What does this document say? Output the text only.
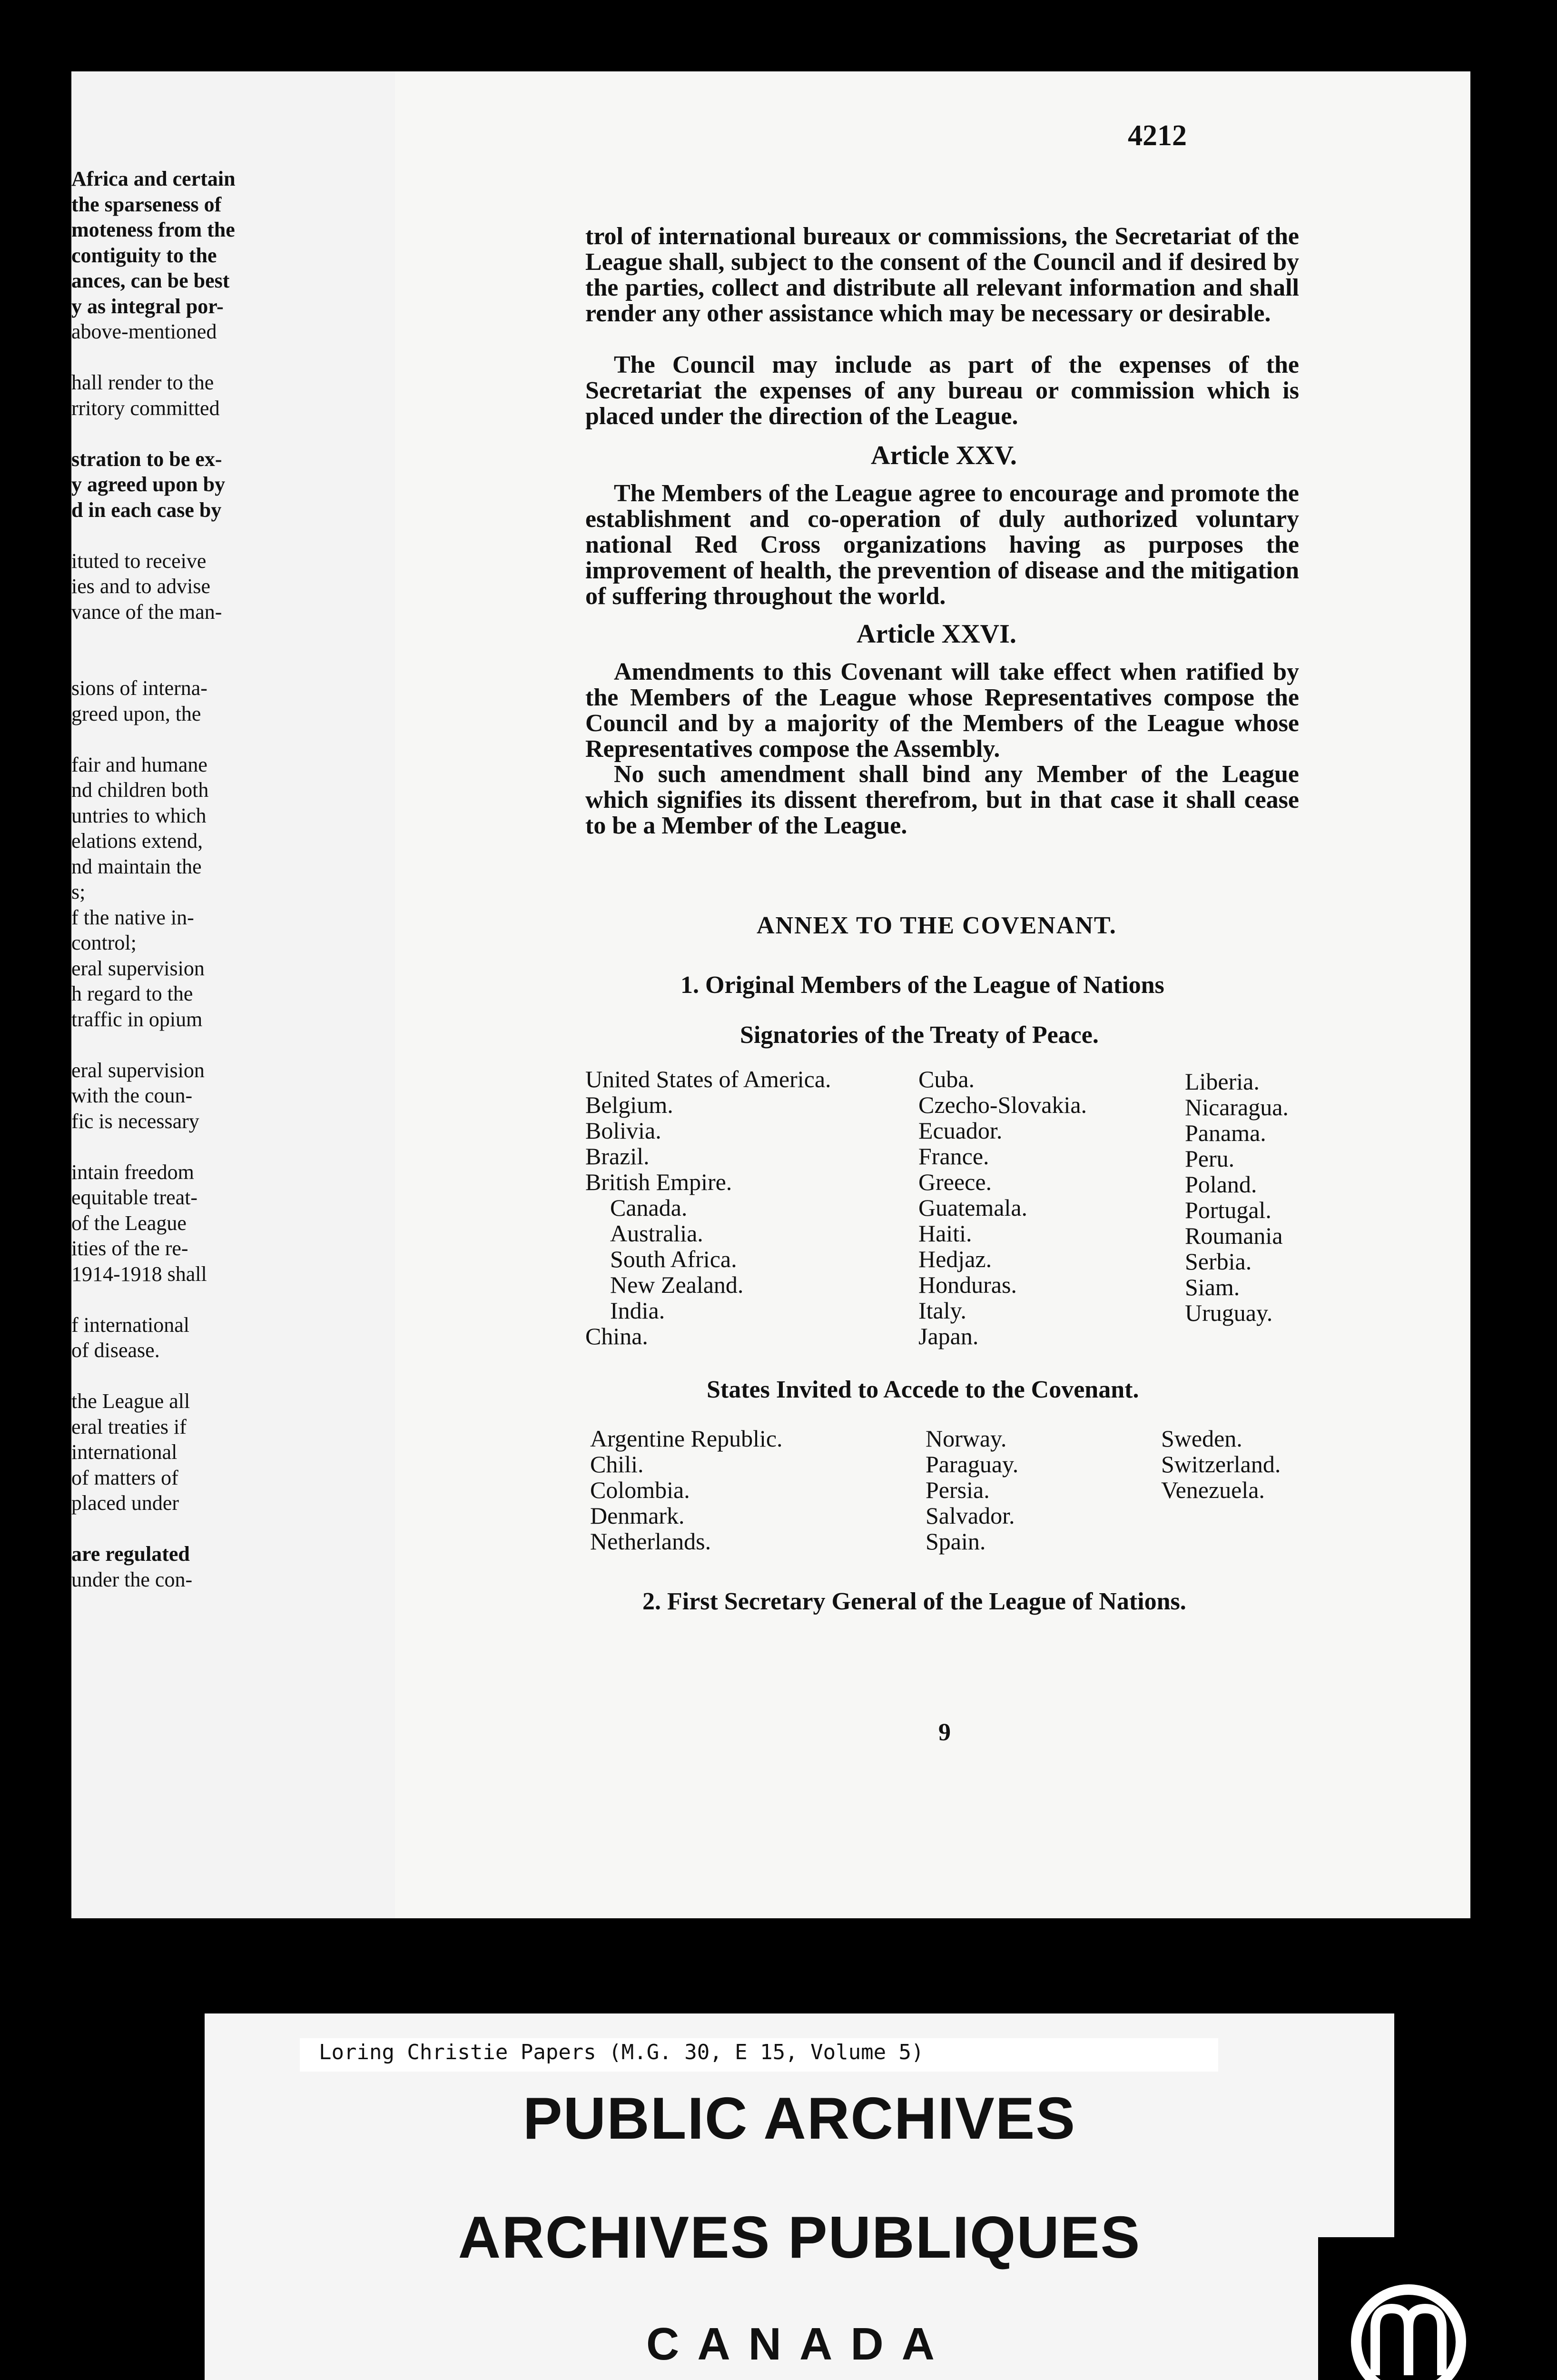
Africa and certain
the sparseness of
moteness from the
contiguity to the
ances, can be best
y as integral por-
above-mentioned
hall render to the
rritory committed
stration to be ex-
y agreed upon by
d in each case by
ituted to receive
ies and to advise
vance of the man-
sions of interna-
greed upon, the
fair and humane
nd children both
untries to which
elations extend,
nd maintain the
s;
f the native in-
control;
eral supervision
h regard to the
traffic in opium
eral supervision
with the coun-
fic is necessary
intain freedom
equitable treat-
of the League
ities of the re-
1914-1918 shall
f international
of disease.
the League all
eral treaties if
international
of matters of
placed under
are regulated
under the con-
4212
trol of international bureaux or commissions, the Secretariat of the League shall, subject to the consent of the Council and if desired by the parties, collect and distribute all relevant information and shall render any other assistance which may be necessary or desirable.
The Council may include as part of the expenses of the Secretariat the expenses of any bureau or commission which is placed under the direction of the League.
Article XXV.
The Members of the League agree to encourage and promote the establishment and co-operation of duly authorized voluntary national Red Cross organizations having as purposes the improvement of health, the prevention of disease and the mitigation of suffering throughout the world.
Article XXVI.
Amendments to this Covenant will take effect when ratified by the Members of the League whose Representatives compose the Council and by a majority of the Members of the League whose Representatives compose the Assembly.
No such amendment shall bind any Member of the League which signifies its dissent therefrom, but in that case it shall cease to be a Member of the League.
ANNEX TO THE COVENANT.
1. Original Members of the League of Nations
Signatories of the Treaty of Peace.
United States of America.
Belgium.
Bolivia.
Brazil.
British Empire.
Canada.
Australia.
South Africa.
New Zealand.
India.
China.
Cuba.
Czecho-Slovakia.
Ecuador.
France.
Greece.
Guatemala.
Haiti.
Hedjaz.
Honduras.
Italy.
Japan.
Liberia.
Nicaragua.
Panama.
Peru.
Poland.
Portugal.
Roumania
Serbia.
Siam.
Uruguay.
States Invited to Accede to the Covenant.
Argentine Republic.
Chili.
Colombia.
Denmark.
Netherlands.
Norway.
Paraguay.
Persia.
Salvador.
Spain.
Sweden.
Switzerland.
Venezuela.
2. First Secretary General of the League of Nations.
9
PUBLIC ARCHIVES
ARCHIVES PUBLIQUES
CANADA
Loring Christie Papers (M.G. 30, E 15, Volume 5)
